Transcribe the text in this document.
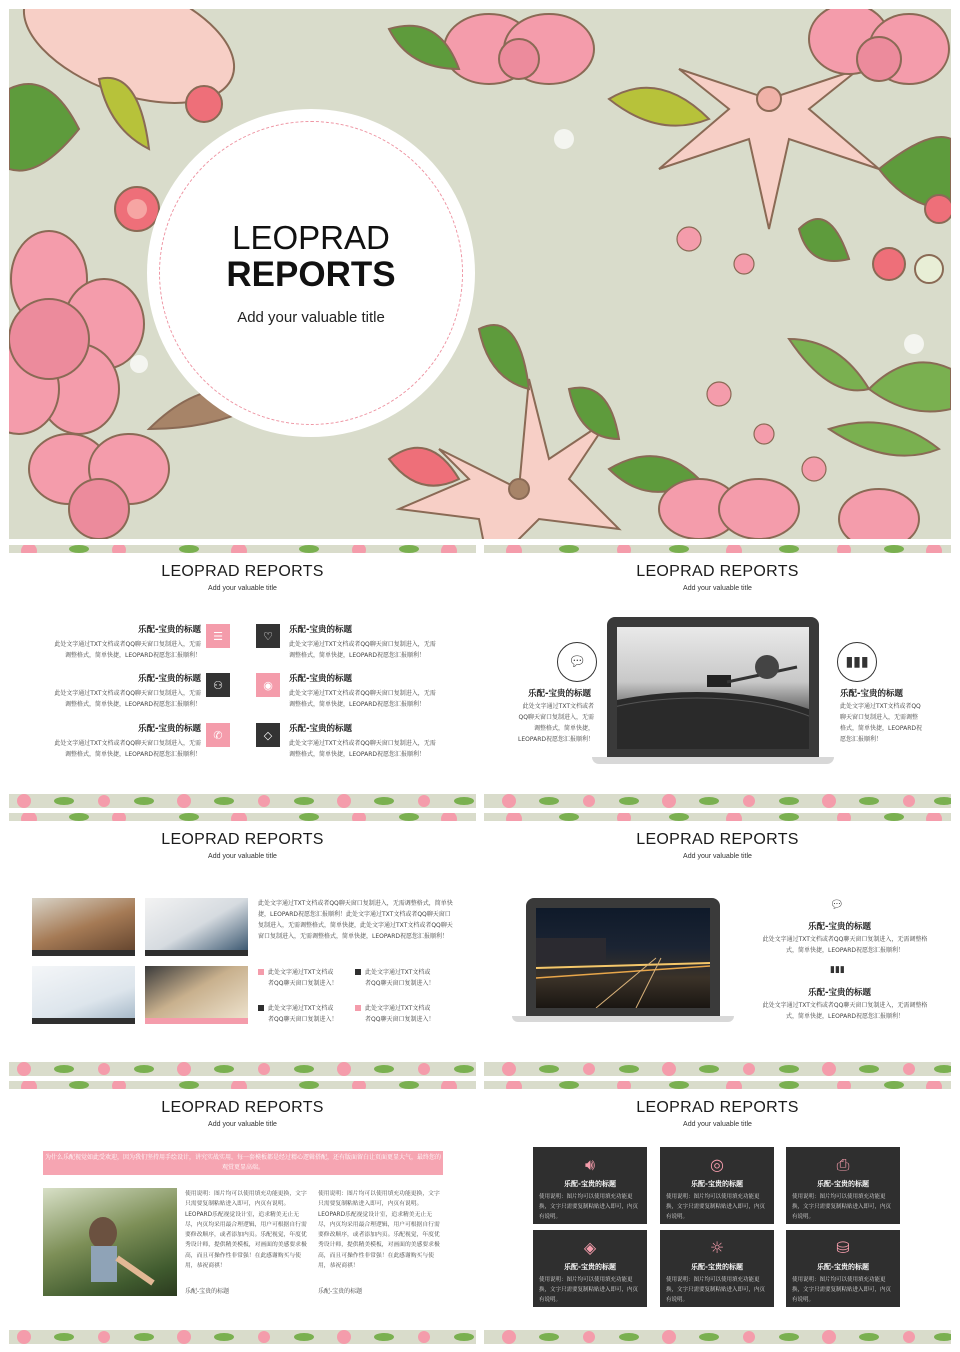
LEOPRAD
REPORTS
Add your valuable title
LEOPRAD REPORTS
Add your valuable title
乐配-宝贵的标题
此处文字通过TXT文档或者QQ聊天窗口复制进入，无需调整格式，简单快捷，LEOPARD祝愿您汇报顺利！
☰
乐配-宝贵的标题
此处文字通过TXT文档或者QQ聊天窗口复制进入，无需调整格式，简单快捷，LEOPARD祝愿您汇报顺利！
⚇
乐配-宝贵的标题
此处文字通过TXT文档或者QQ聊天窗口复制进入，无需调整格式，简单快捷，LEOPARD祝愿您汇报顺利！
✆
♡	乐配-宝贵的标题
此处文字通过TXT文档或者QQ聊天窗口复制进入，无需调整格式，简单快捷，LEOPARD祝愿您汇报顺利！
◉	乐配-宝贵的标题
此处文字通过TXT文档或者QQ聊天窗口复制进入，无需调整格式，简单快捷，LEOPARD祝愿您汇报顺利！
◇	乐配-宝贵的标题
此处文字通过TXT文档或者QQ聊天窗口复制进入，无需调整格式，简单快捷，LEOPARD祝愿您汇报顺利！
LEOPRAD REPORTS
Add your valuable title
💬︎
乐配-宝贵的标题
此处文字通过TXT文档或者QQ聊天窗口复制进入，无需调整格式，简单快捷，LEOPARD祝愿您汇报顺利！
▮▮▮
乐配-宝贵的标题
此处文字通过TXT文档或者QQ聊天窗口复制进入，无需调整格式，简单快捷，LEOPARD祝愿您汇报顺利！
LEOPRAD REPORTS
Add your valuable title
此处文字通过TXT文档或者QQ聊天窗口复制进入，无需调整格式，简单快捷，LEOPARD祝愿您汇报顺利！此处文字通过TXT文档或者QQ聊天窗口复制进入，无需调整格式，简单快捷，此处文字通过TXT文档或者QQ聊天窗口复制进入，无需调整格式，简单快捷，LEOPARD祝愿您汇报顺利！
此处文字通过TXT文档或者QQ聊天窗口复制进入！
此处文字通过TXT文档或者QQ聊天窗口复制进入！
此处文字通过TXT文档或者QQ聊天窗口复制进入！
此处文字通过TXT文档或者QQ聊天窗口复制进入！
LEOPRAD REPORTS
Add your valuable title
💬︎
乐配-宝贵的标题
此处文字通过TXT文档或者QQ聊天窗口复制进入，无需调整格式，简单快捷，LEOPARD祝愿您汇报顺利！
▮▮▮
乐配-宝贵的标题
此处文字通过TXT文档或者QQ聊天窗口复制进入，无需调整格式，简单快捷，LEOPARD祝愿您汇报顺利！
LEOPRAD REPORTS
Add your valuable title
为什么乐配视觉如此受欢迎，因为我们坚持用手绘设计，讲究实战实用，每一套模板都是经过精心逻辑搭配，还有版面留白让页面更显大气，最终您的观赏更显高端。
使用说明：图片均可以使用填充功能更换，文字只需要复制粘贴进入即可，内页有说明。LEOPARD乐配视觉设计室，追求精美无止无尽，内页均采用最合理逻辑，用户可根据自行需要修改顺序，或者添加内页。乐配视觉，年度优秀设计师，提供精美模板，对画面的美感要求极高，而且可操作性非常强！在此感谢购买与使用，恭祝商祺！
使用说明：图片均可以使用填充功能更换，文字只需要复制粘贴进入即可，内页有说明。LEOPARD乐配视觉设计室，追求精美无止无尽，内页均采用最合理逻辑，用户可根据自行需要修改顺序，或者添加内页。乐配视觉，年度优秀设计师，提供精美模板，对画面的美感要求极高，而且可操作性非常强！在此感谢购买与使用，恭祝商祺！
乐配-宝贵的标题	乐配-宝贵的标题
LEOPRAD REPORTS
Add your valuable title
🔊︎
乐配-宝贵的标题
使用说明：图片均可以使用填充功能更换，文字只需要复制粘贴进入即可，内页有说明。
◎
乐配-宝贵的标题
使用说明：图片均可以使用填充功能更换，文字只需要复制粘贴进入即可，内页有说明。
⎙
乐配-宝贵的标题
使用说明：图片均可以使用填充功能更换，文字只需要复制粘贴进入即可，内页有说明。
◈
乐配-宝贵的标题
使用说明：图片均可以使用填充功能更换，文字只需要复制粘贴进入即可，内页有说明。
☼
乐配-宝贵的标题
使用说明：图片均可以使用填充功能更换，文字只需要复制粘贴进入即可，内页有说明。
⛁
乐配-宝贵的标题
使用说明：图片均可以使用填充功能更换，文字只需要复制粘贴进入即可，内页有说明。
